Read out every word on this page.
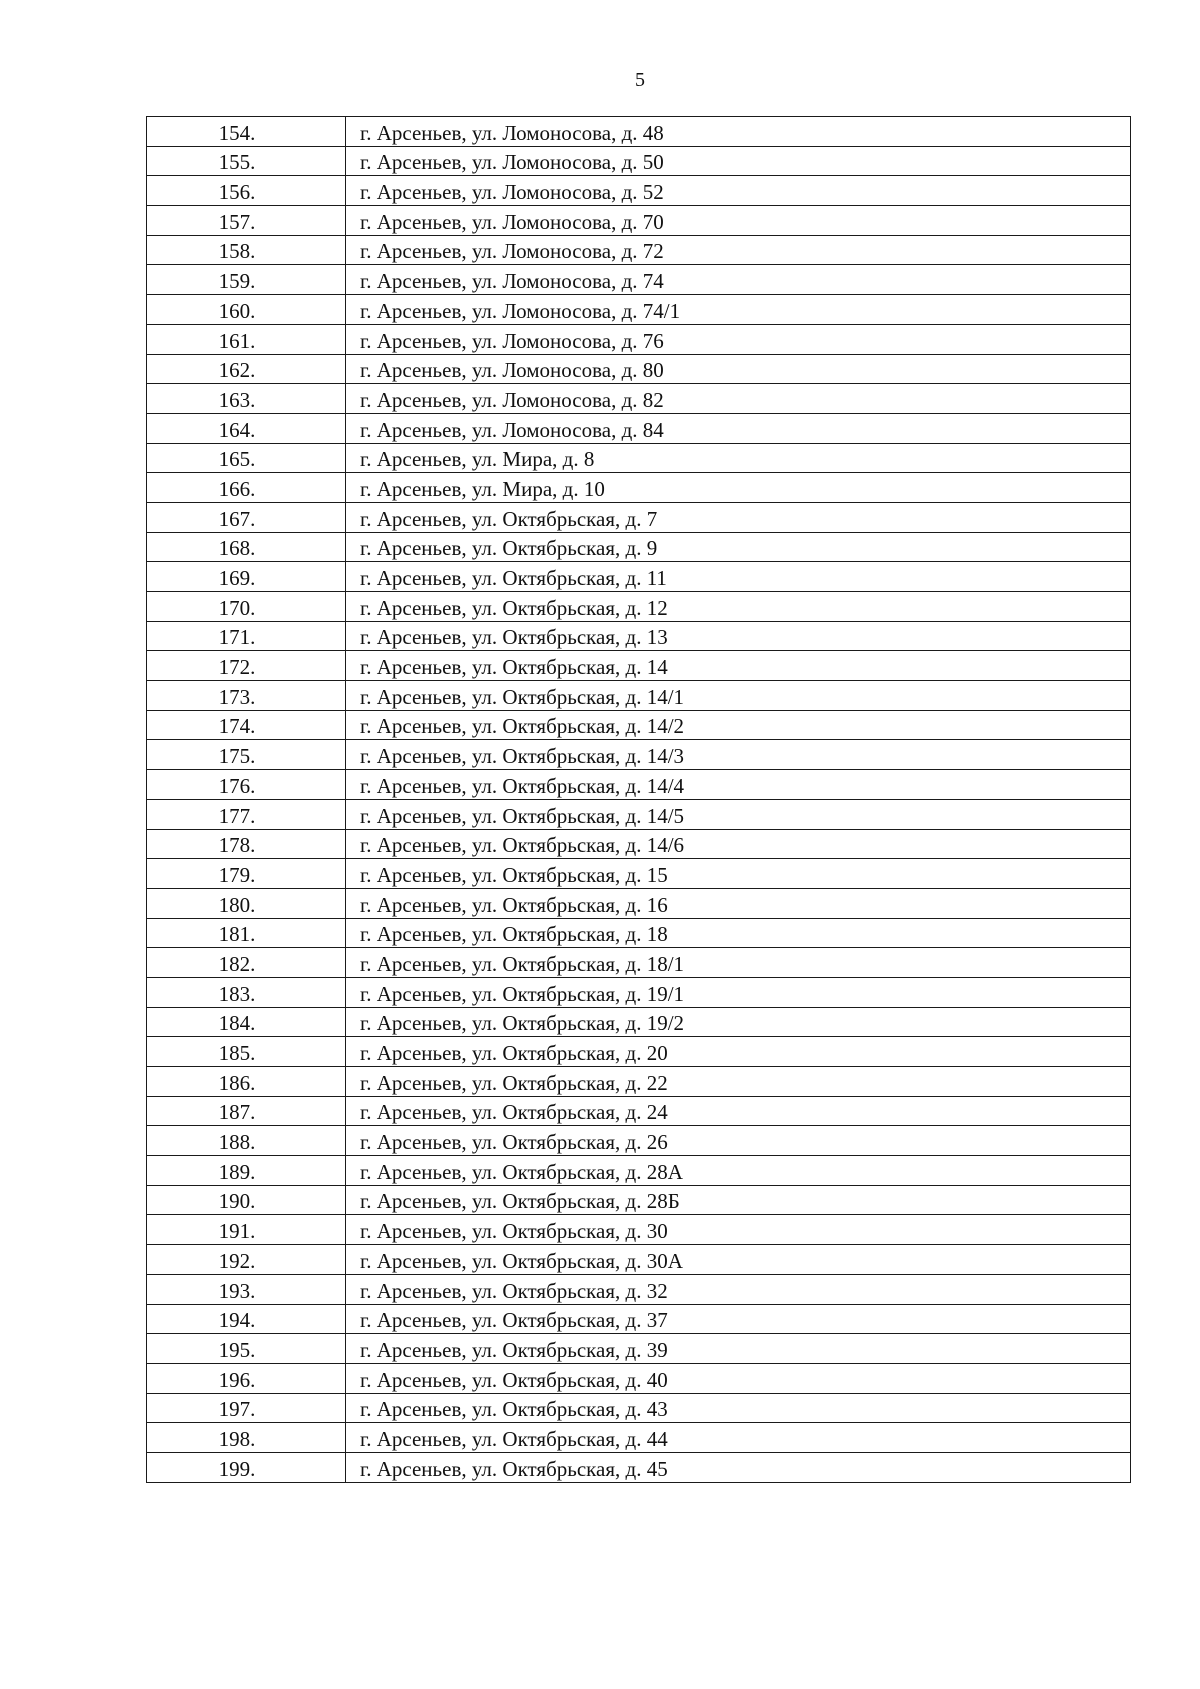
5
154.	г. Арсеньев, ул. Ломоносова, д. 48
155.	г. Арсеньев, ул. Ломоносова, д. 50
156.	г. Арсеньев, ул. Ломоносова, д. 52
157.	г. Арсеньев, ул. Ломоносова, д. 70
158.	г. Арсеньев, ул. Ломоносова, д. 72
159.	г. Арсеньев, ул. Ломоносова, д. 74
160.	г. Арсеньев, ул. Ломоносова, д. 74/1
161.	г. Арсеньев, ул. Ломоносова, д. 76
162.	г. Арсеньев, ул. Ломоносова, д. 80
163.	г. Арсеньев, ул. Ломоносова, д. 82
164.	г. Арсеньев, ул. Ломоносова, д. 84
165.	г. Арсеньев, ул. Мира, д. 8
166.	г. Арсеньев, ул. Мира, д. 10
167.	г. Арсеньев, ул. Октябрьская, д. 7
168.	г. Арсеньев, ул. Октябрьская, д. 9
169.	г. Арсеньев, ул. Октябрьская, д. 11
170.	г. Арсеньев, ул. Октябрьская, д. 12
171.	г. Арсеньев, ул. Октябрьская, д. 13
172.	г. Арсеньев, ул. Октябрьская, д. 14
173.	г. Арсеньев, ул. Октябрьская, д. 14/1
174.	г. Арсеньев, ул. Октябрьская, д. 14/2
175.	г. Арсеньев, ул. Октябрьская, д. 14/3
176.	г. Арсеньев, ул. Октябрьская, д. 14/4
177.	г. Арсеньев, ул. Октябрьская, д. 14/5
178.	г. Арсеньев, ул. Октябрьская, д. 14/6
179.	г. Арсеньев, ул. Октябрьская, д. 15
180.	г. Арсеньев, ул. Октябрьская, д. 16
181.	г. Арсеньев, ул. Октябрьская, д. 18
182.	г. Арсеньев, ул. Октябрьская, д. 18/1
183.	г. Арсеньев, ул. Октябрьская, д. 19/1
184.	г. Арсеньев, ул. Октябрьская, д. 19/2
185.	г. Арсеньев, ул. Октябрьская, д. 20
186.	г. Арсеньев, ул. Октябрьская, д. 22
187.	г. Арсеньев, ул. Октябрьская, д. 24
188.	г. Арсеньев, ул. Октябрьская, д. 26
189.	г. Арсеньев, ул. Октябрьская, д. 28А
190.	г. Арсеньев, ул. Октябрьская, д. 28Б
191.	г. Арсеньев, ул. Октябрьская, д. 30
192.	г. Арсеньев, ул. Октябрьская, д. 30А
193.	г. Арсеньев, ул. Октябрьская, д. 32
194.	г. Арсеньев, ул. Октябрьская, д. 37
195.	г. Арсеньев, ул. Октябрьская, д. 39
196.	г. Арсеньев, ул. Октябрьская, д. 40
197.	г. Арсеньев, ул. Октябрьская, д. 43
198.	г. Арсеньев, ул. Октябрьская, д. 44
199.	г. Арсеньев, ул. Октябрьская, д. 45
